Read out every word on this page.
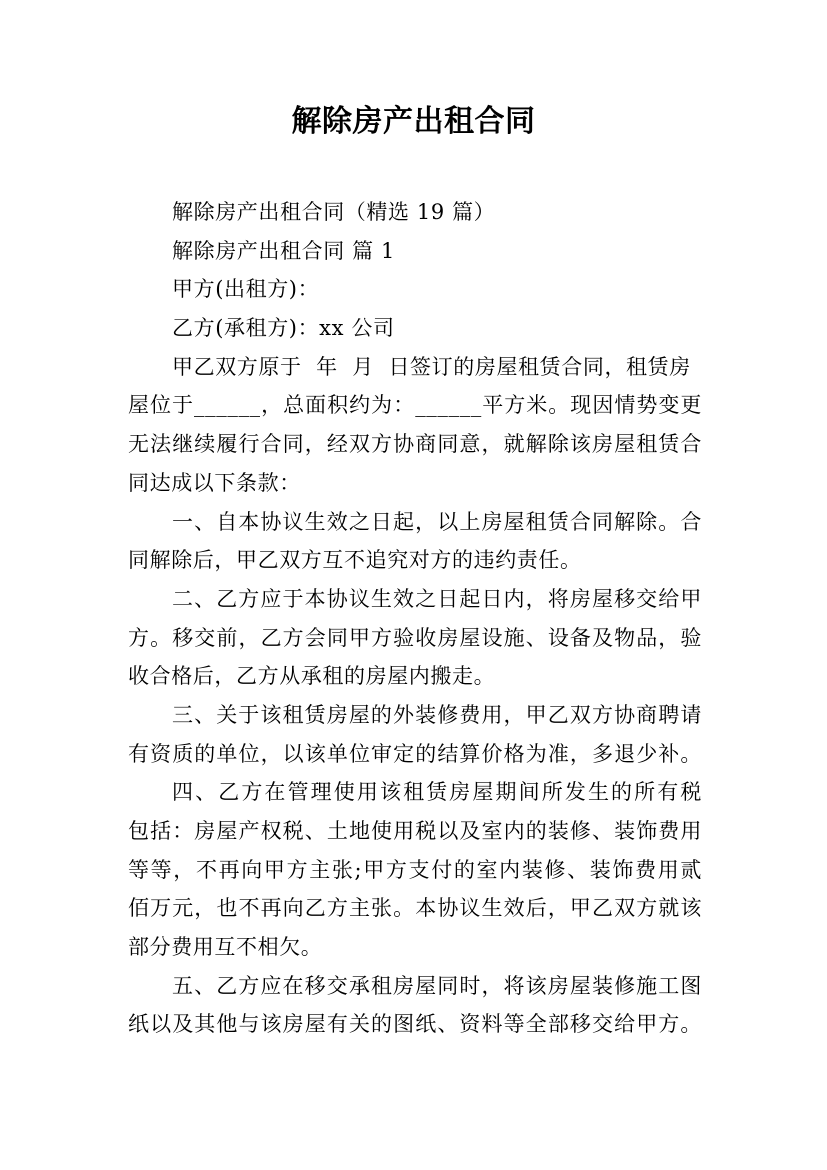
解除房产出租合同
解除房产出租合同（精选 19 篇）
解除房产出租合同 篇 1
甲方(出租方)：
乙方(承租方)：xx 公司
甲乙双方原于  年  月  日签订的房屋租赁合同，租赁房
屋位于______，总面积约为：______平方米。现因情势变更
无法继续履行合同，经双方协商同意，就解除该房屋租赁合
同达成以下条款：
一、自本协议生效之日起，以上房屋租赁合同解除。合
同解除后，甲乙双方互不追究对方的违约责任。
二、乙方应于本协议生效之日起日内，将房屋移交给甲
方。移交前，乙方会同甲方验收房屋设施、设备及物品，验
收合格后，乙方从承租的房屋内搬走。
三、关于该租赁房屋的外装修费用，甲乙双方协商聘请
有资质的单位，以该单位审定的结算价格为准，多退少补。
四、乙方在管理使用该租赁房屋期间所发生的所有税
包括：房屋产权税、土地使用税以及室内的装修、装饰费用
等等，不再向甲方主张;甲方支付的室内装修、装饰费用贰
佰万元，也不再向乙方主张。本协议生效后，甲乙双方就该
部分费用互不相欠。
五、乙方应在移交承租房屋同时，将该房屋装修施工图
纸以及其他与该房屋有关的图纸、资料等全部移交给甲方。
